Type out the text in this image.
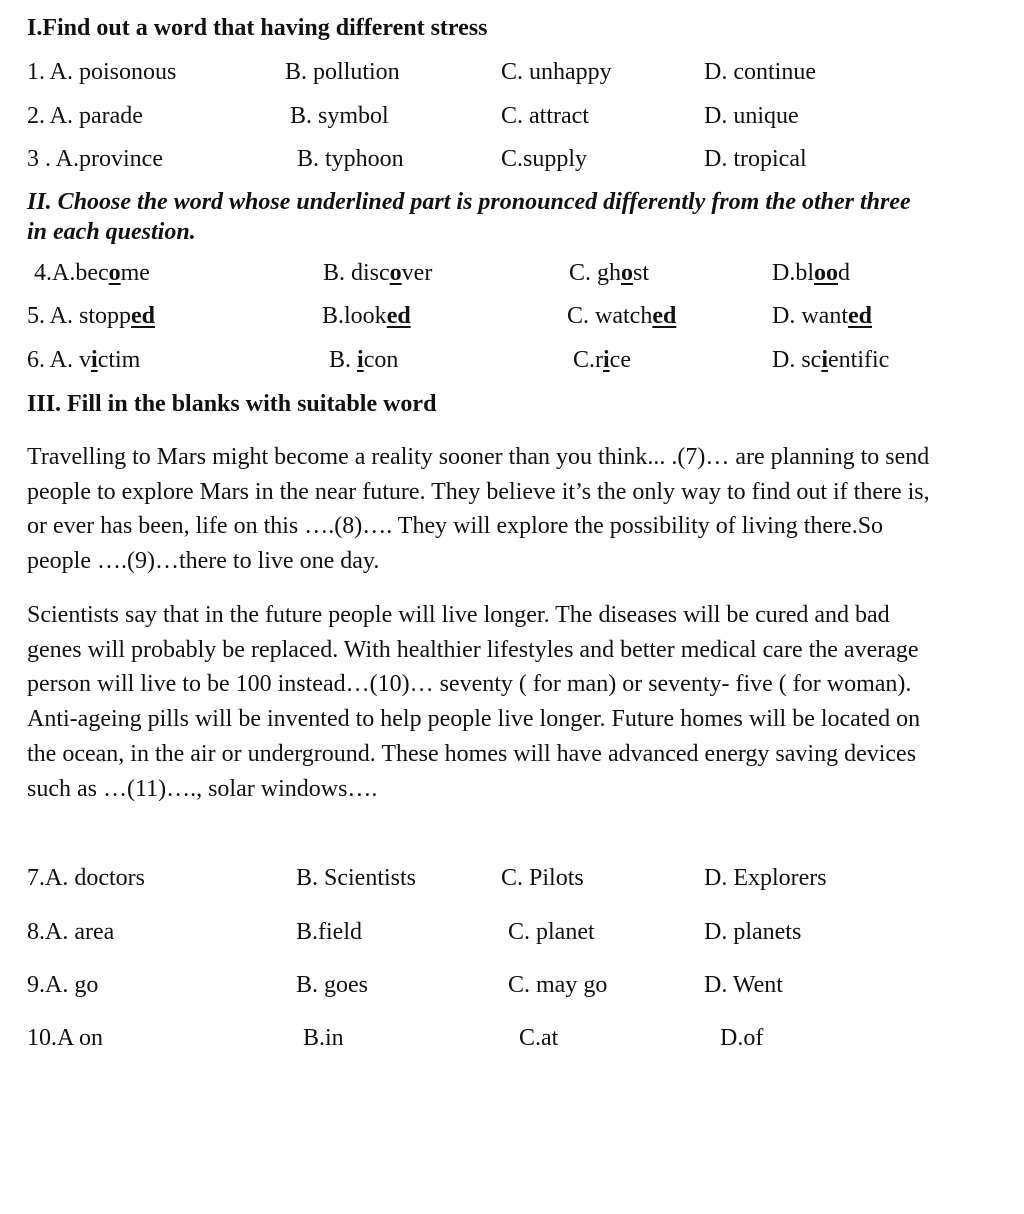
I.Find out a word that having different stress
1. A. poisonous	B. pollution	C. unhappy	D. continue
2. A. parade	B. symbol	C. attract	D. unique
3 . A.province	B. typhoon	C.supply	D. tropical
II. Choose the word whose underlined part is pronounced differently from the other three in each question.
4.A.become	B. discover	C. ghost	D.blood
5. A. stopped	B.looked	C. watched	D. wanted
6. A. victim	B. icon	C.rice	D. scientific
III. Fill in the blanks with suitable word

Travelling to Mars might become a reality sooner than you think... .(7)… are planning to send people to explore Mars in the near future. They believe it’s the only way to find out if there is, or ever has been, life on this ….(8)…. They will explore the possibility of living there.So people ….(9)…there to live one day.

Scientists say that in the future people will live longer. The diseases will be cured and bad genes will probably be replaced. With healthier lifestyles and better medical care the average person will live to be 100 instead…(10)… seventy ( for man) or seventy- five ( for woman). Anti-ageing pills will be invented to help people live longer. Future homes will be located on the ocean, in the air or underground. These homes will have advanced energy saving devices such as …(11)…., solar windows….

7.A. doctors	B. Scientists	C. Pilots	D. Explorers
8.A. area	B.field	C. planet	D. planets
9.A. go	B. goes	C. may go	D. Went
10.A on	B.in	C.at	D.of
